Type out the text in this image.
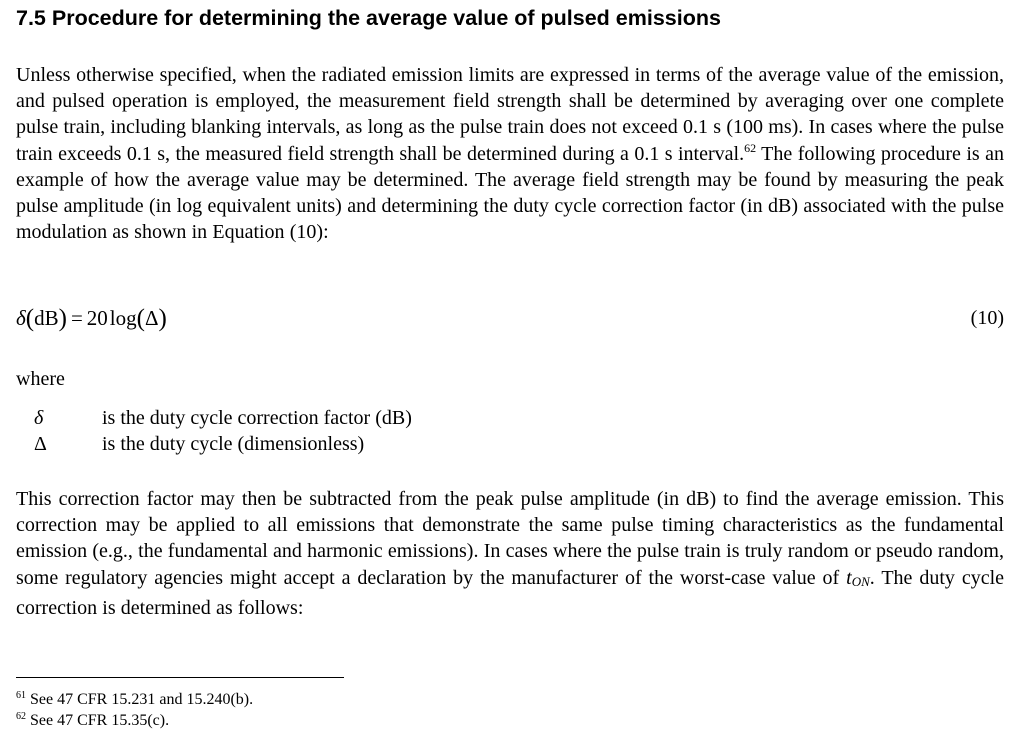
7.5 Procedure for determining the average value of pulsed emissions

Unless otherwise specified, when the radiated emission limits are expressed in terms of the average value of the emission, and pulsed operation is employed, the measurement field strength shall be determined by averaging over one complete pulse train, including blanking intervals, as long as the pulse train does not exceed 0.1 s (100 ms). In cases where the pulse train exceeds 0.1 s, the measured field strength shall be determined during a 0.1 s interval.$^{62}$ The following procedure is an example of how the average value may be determined. The average field strength may be found by measuring the peak pulse amplitude (in log equivalent units) and determining the duty cycle correction factor (in dB) associated with the pulse modulation as shown in Equation (10):

δ(dB) = 20log(Δ)	(10)
where
δ	is the duty cycle correction factor (dB)
Δ	is the duty cycle (dimensionless)

This correction factor may then be subtracted from the peak pulse amplitude (in dB) to find the average emission. This correction may be applied to all emissions that demonstrate the same pulse timing characteristics as the fundamental emission (e.g., the fundamental and harmonic emissions). In cases where the pulse train is truly random or pseudo random, some regulatory agencies might accept a declaration by the manufacturer of the worst-case value of $t_{ON}$. The duty cycle correction is determined as follows:

$^{61}$ See 47 CFR 15.231 and 15.240(b).
$^{62}$ See 47 CFR 15.35(c).
